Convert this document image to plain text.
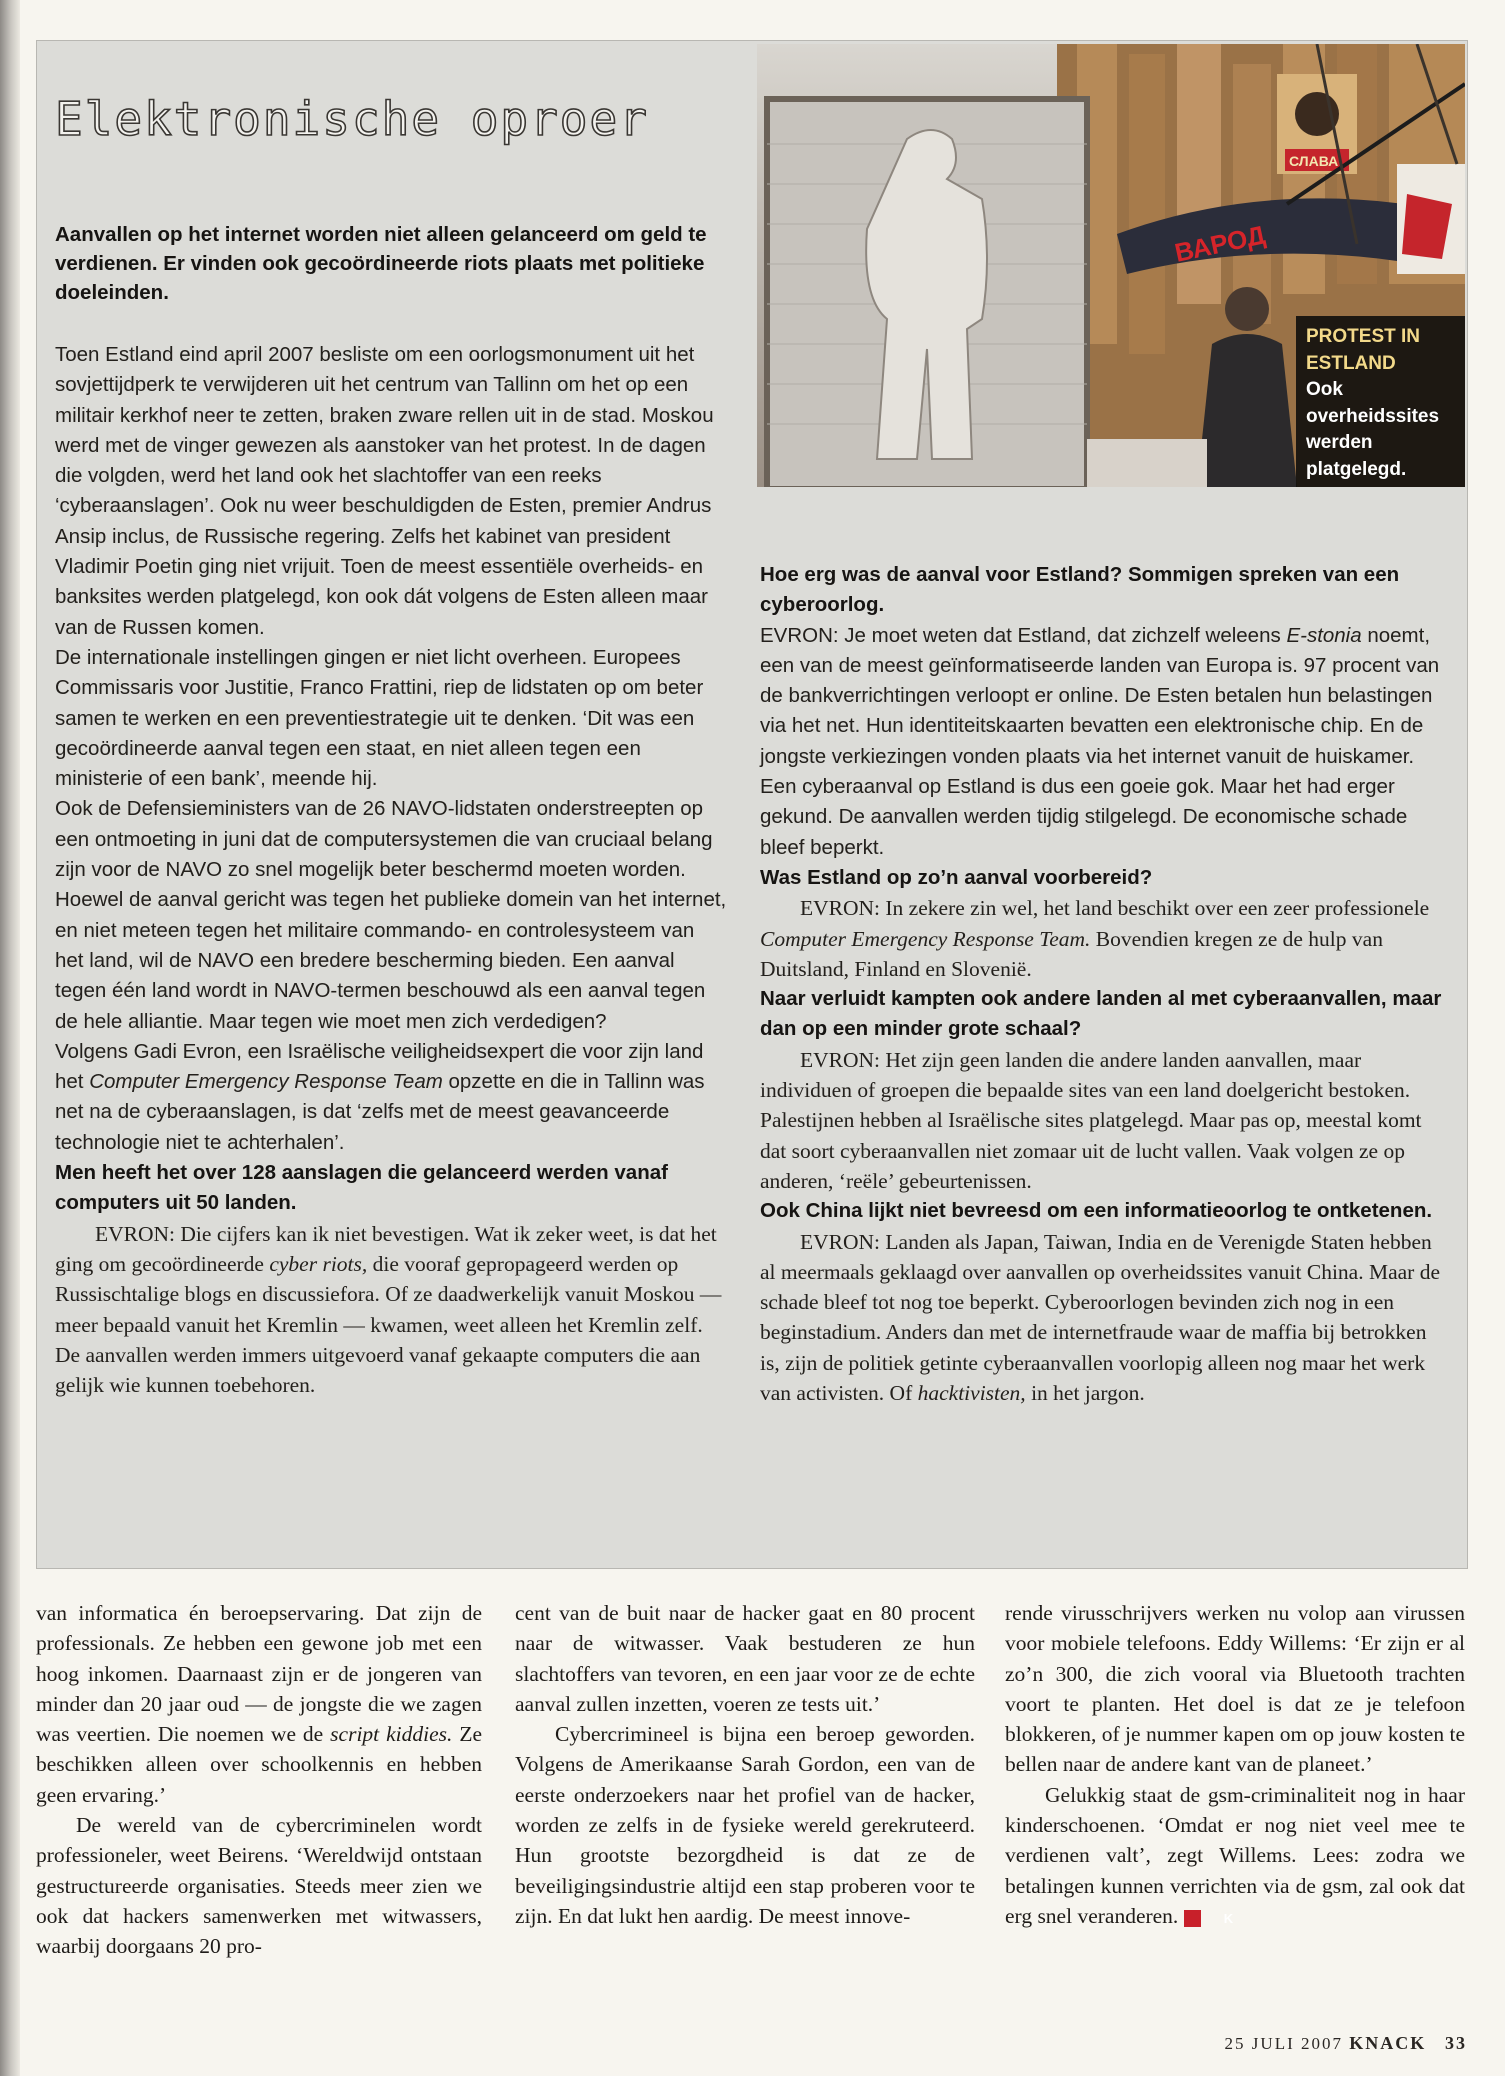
Elektronische oproer

Aanvallen op het internet worden niet alleen gelanceerd om geld te verdienen. Er vinden ook gecoördineerde riots plaats met politieke doeleinden.

Toen Estland eind april 2007 besliste om een oorlogsmonument uit het sovjettijdperk te verwijderen uit het centrum van Tallinn om het op een militair kerkhof neer te zetten, braken zware rellen uit in de stad. Moskou werd met de vinger gewezen als aanstoker van het protest. In de dagen die volgden, werd het land ook het slachtoffer van een reeks ‘cyberaanslagen’. Ook nu weer beschuldigden de Esten, premier Andrus Ansip inclus, de Russische regering. Zelfs het kabinet van president Vladimir Poetin ging niet vrijuit. Toen de meest essentiële overheids- en banksites werden platgelegd, kon ook dát volgens de Esten alleen maar van de Russen komen.

De internationale instellingen gingen er niet licht overheen. Europees Commissaris voor Justitie, Franco Frattini, riep de lidstaten op om beter samen te werken en een preventiestrategie uit te denken. ‘Dit was een gecoördineerde aanval tegen een staat, en niet alleen tegen een ministerie of een bank’, meende hij.

Ook de Defensieministers van de 26 NAVO-lidstaten onderstreepten op een ontmoeting in juni dat de computersystemen die van cruciaal belang zijn voor de NAVO zo snel mogelijk beter beschermd moeten worden. Hoewel de aanval gericht was tegen het publieke domein van het internet, en niet meteen tegen het militaire commando- en controlesysteem van het land, wil de NAVO een bredere bescherming bieden. Een aanval tegen één land wordt in NAVO-termen beschouwd als een aanval tegen de hele alliantie. Maar tegen wie moet men zich verdedigen?

Volgens Gadi Evron, een Israëlische veiligheidsexpert die voor zijn land het Computer Emergency Response Team opzette en die in Tallinn was net na de cyberaanslagen, is dat ‘zelfs met de meest geavanceerde technologie niet te achterhalen’.

Men heeft het over 128 aanslagen die gelanceerd werden vanaf computers uit 50 landen.

EVRON: Die cijfers kan ik niet bevestigen. Wat ik zeker weet, is dat het ging om gecoördineerde cyber riots, die vooraf gepropageerd werden op Russischtalige blogs en discussiefora. Of ze daadwerkelijk vanuit Moskou — meer bepaald vanuit het Kremlin — kwamen, weet alleen het Kremlin zelf. De aanvallen werden immers uitgevoerd vanaf gekaapte computers die aan gelijk wie kunnen toebehoren.

ВАРОД
СЛАВА
PROTEST IN ESTLAND
Ook overheidssites werden platgelegd.

Hoe erg was de aanval voor Estland? Sommigen spreken van een cyberoorlog.

EVRON: Je moet weten dat Estland, dat zichzelf weleens E-stonia noemt, een van de meest geïnformatiseerde landen van Europa is. 97 procent van de bankverrichtingen verloopt er online. De Esten betalen hun belastingen via het net. Hun identiteitskaarten bevatten een elektronische chip. En de jongste verkiezingen vonden plaats via het internet vanuit de huiskamer. Een cyberaanval op Estland is dus een goeie gok. Maar het had erger gekund. De aanvallen werden tijdig stilgelegd. De economische schade bleef beperkt.

Was Estland op zo’n aanval voorbereid?

EVRON: In zekere zin wel, het land beschikt over een zeer professionele Computer Emergency Response Team. Bovendien kregen ze de hulp van Duitsland, Finland en Slovenië.

Naar verluidt kampten ook andere landen al met cyberaanvallen, maar dan op een minder grote schaal?

EVRON: Het zijn geen landen die andere landen aanvallen, maar individuen of groepen die bepaalde sites van een land doelgericht bestoken. Palestijnen hebben al Israëlische sites platgelegd. Maar pas op, meestal komt dat soort cyberaanvallen niet zomaar uit de lucht vallen. Vaak volgen ze op anderen, ‘reële’ gebeurtenissen.

Ook China lijkt niet bevreesd om een informatieoorlog te ontketenen.

EVRON: Landen als Japan, Taiwan, India en de Verenigde Staten hebben al meermaals geklaagd over aanvallen op overheidssites vanuit China. Maar de schade bleef tot nog toe beperkt. Cyberoorlogen bevinden zich nog in een beginstadium. Anders dan met de internetfraude waar de maffia bij betrokken is, zijn de politiek getinte cyberaanvallen voorlopig alleen nog maar het werk van activisten. Of hacktivisten, in het jargon.

van informatica én beroepservaring. Dat zijn de professionals. Ze hebben een gewone job met een hoog inkomen. Daarnaast zijn er de jongeren van minder dan 20 jaar oud — de jongste die we zagen was veertien. Die noemen we de script kiddies. Ze beschikken alleen over schoolkennis en hebben geen ervaring.’

De wereld van de cybercriminelen wordt professioneler, weet Beirens. ‘Wereldwijd ontstaan gestructureerde organisaties. Steeds meer zien we ook dat hackers samenwerken met witwassers, waarbij doorgaans 20 pro-

cent van de buit naar de hacker gaat en 80 procent naar de witwasser. Vaak bestuderen ze hun slachtoffers van tevoren, en een jaar voor ze de echte aanval zullen inzetten, voeren ze tests uit.’

Cybercrimineel is bijna een beroep geworden. Volgens de Amerikaanse Sarah Gordon, een van de eerste onderzoekers naar het profiel van de hacker, worden ze zelfs in de fysieke wereld gerekruteerd. Hun grootste bezorgdheid is dat ze de beveiligingsindustrie altijd een stap proberen voor te zijn. En dat lukt hen aardig. De meest innove-

rende virusschrijvers werken nu volop aan virussen voor mobiele telefoons. Eddy Willems: ‘Er zijn er al zo’n 300, die zich vooral via Bluetooth trachten voort te planten. Het doel is dat ze je telefoon blokkeren, of je nummer kapen om op jouw kosten te bellen naar de andere kant van de planeet.’

Gelukkig staat de gsm-criminaliteit nog in haar kinderschoenen. ‘Omdat er nog niet veel mee te verdienen valt’, zegt Willems. Lees: zodra we betalingen kunnen verrichten via de gsm, zal ook dat erg snel veranderen.	K

25 JULI 2007 KNACK 33
